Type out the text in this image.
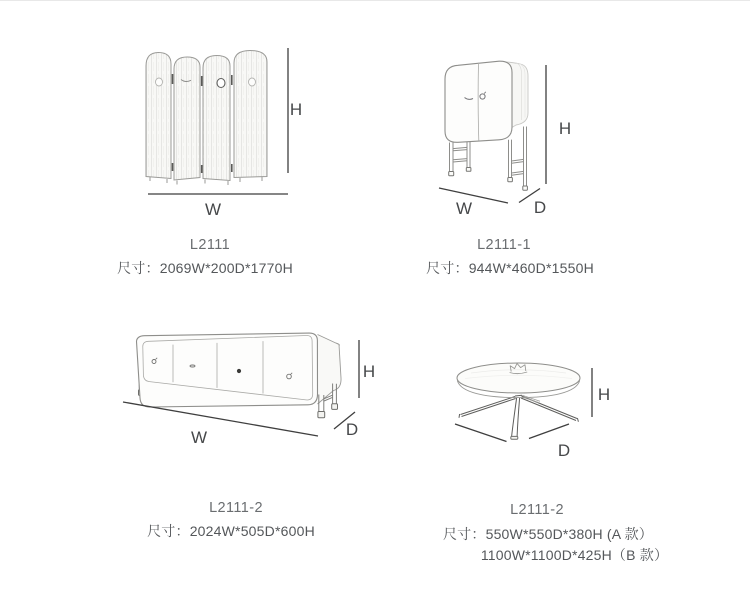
H
W
L2111
尺寸：2069W*200D*1770H
H
W	D
L2111-1
尺寸：944W*460D*1550H
H
W	D
L2111-2
尺寸：2024W*505D*600H
H
D
L2111-2
尺寸：550W*550D*380H (A 款）
1100W*1100D*425H（B 款）
